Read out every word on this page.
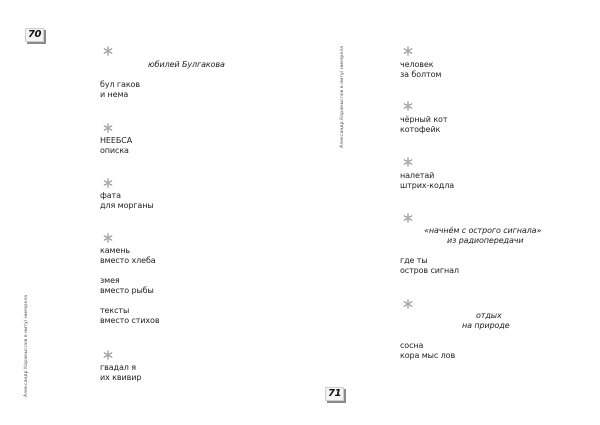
70
Александр Корамыслов в ниту/ ниезрела
юбилей Булгакова
бул гаков
и нема
НЕЕБСА
описка
фата
для морганы
камень
вместо хлеба
змея
вместо рыбы
тексты
вместо стихов
гвадал я
их квивир
71
Александр Корамыслов в ниту/ ниезрела	человек
за болтом
чёрный кот
котофейк
налетай
штрих-кодла
«начнём с острого сигнала»
из радиопередачи
где ты
остров сигнал
отдых
на природе
сосна
кора мыс лов
